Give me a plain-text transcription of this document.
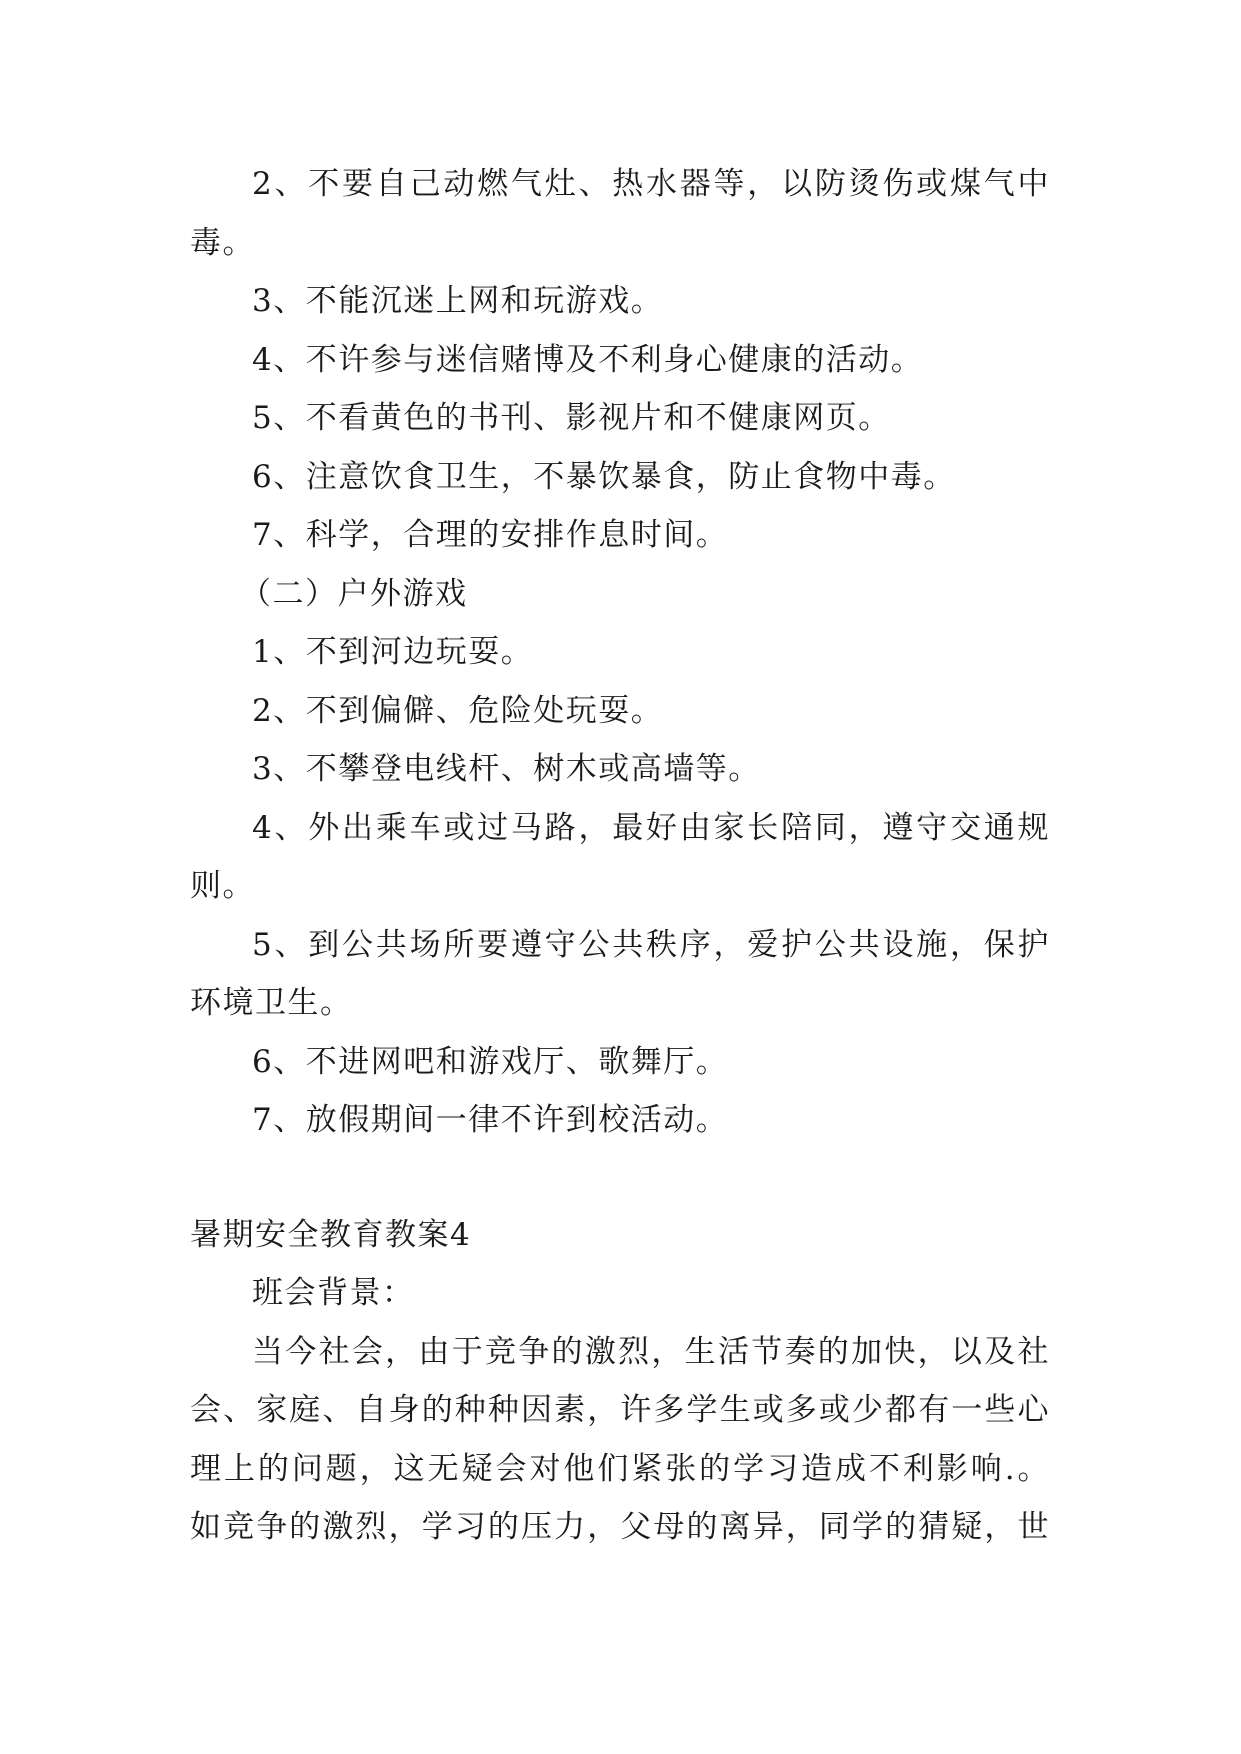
2、不要自己动燃气灶、热水器等，以防烫伤或煤气中
毒。
3、不能沉迷上网和玩游戏。
4、不许参与迷信赌博及不利身心健康的活动。
5、不看黄色的书刊、影视片和不健康网页。
6、注意饮食卫生，不暴饮暴食，防止食物中毒。
7、科学，合理的安排作息时间。
（二）户外游戏
1、不到河边玩耍。
2、不到偏僻、危险处玩耍。
3、不攀登电线杆、树木或高墙等。
4、外出乘车或过马路，最好由家长陪同，遵守交通规
则。
5、到公共场所要遵守公共秩序，爱护公共设施，保护
环境卫生。
6、不进网吧和游戏厅、歌舞厅。
7、放假期间一律不许到校活动。
暑期安全教育教案4
班会背景：
当今社会，由于竞争的激烈，生活节奏的加快，以及社
会、家庭、自身的种种因素，许多学生或多或少都有一些心
理上的问题，这无疑会对他们紧张的学习造成不利影响.。
如竞争的激烈，学习的压力，父母的离异，同学的猜疑，世
